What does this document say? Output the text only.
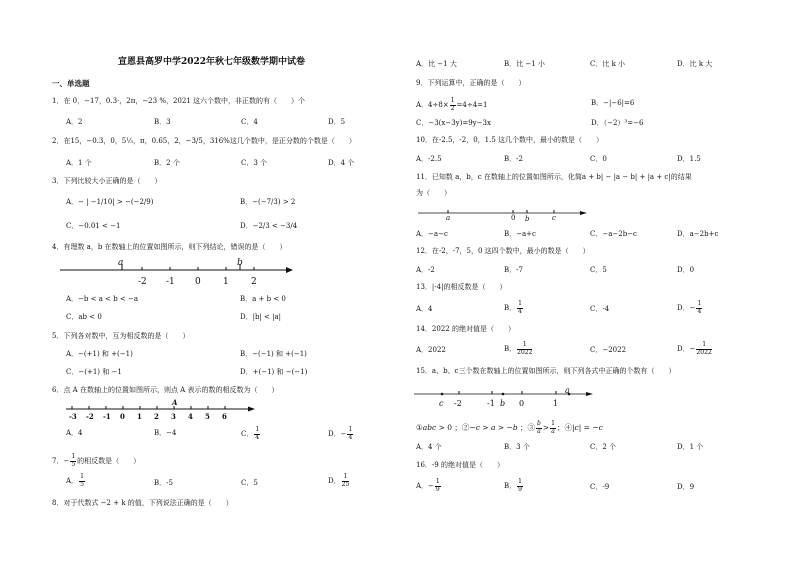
宣恩县高罗中学2022年秋七年级数学期中试卷
一、单选题
1．在 0，−17，0.3·，2π，−23 %，2021 这六个数中，非正数的有（　　）个
A．2	B．3	C．4	D．5
2．在15，−0.3，0，5¹⁄₃，π，0.65，2，−3/5，316%这几个数中，是正分数的个数是（　　）
A．1 个	B．2 个	C．3 个	D．4 个
3．下列比较大小正确的是（　　）
A．− | −1/10| > −(−2/9)	B．−(−7/3) > 2
C．−0.01 < −1	D．−2/3 < −3/4
4．有理数 a，b 在数轴上的位置如图所示，则下列结论，错误的是（　　）
a	b
-2 -1 0 1 2
A．−b < a < b < −a	B．a + b < 0
C．ab < 0	D．|b| < |a|
5．下列各对数中，互为相反数的是（　　）
A．−(+1) 和 +(−1)	B．−(−1) 和 +(−1)
C．−(+1) 和 −1	D．+(−1) 和 −(−1)
6．点 A 在数轴上的位置如图所示，则点 A 表示的数的相反数为（　　）
A
-3 -2 -1 0 1 2 3 4 5 6
A．4	B．−4	C． $\frac{1}{4}$	D．− $\frac{1}{4}$
7．− $\frac{1}{5}$ 的相反数是（　　）
A． $\frac{1}{5}$	B．-5	C．5	D． $\frac{1}{25}$
8．对于代数式 −2 + k 的值，下列说法正确的是（　　）
A．比 −1 大	B．比 −1 小	C．比 k 小	D．比 k 大
9．下列运算中，正确的是（　　）
A．$4\div 8\times \frac{1}{2} =4\div 4=1$	B．−|−6|=6
C．−3(x−3y)=9y−3x	D．（−2）³=−6
10．在-2.5，-2，0，1.5 这几个数中，最小的数是（　　）
A．-2.5	B．-2	C．0	D．1.5
11．已知数 a，b，c 在数轴上的位置如图所示，化简a + b| − |a − b| + |a + c|的结果
为（　　）
a	0 b	c
A．−a−c	B．−a+c	C．−a−2b−c	D．a−2b+c
12．在-2，-7，5，0 这四个数中，最小的数是（　　）
A．-2	B．-7	C．5	D．0
13．|-4|的相反数是（　　）
A．4	B． $\frac{1}{4}$	C．-4	D．− $\frac{1}{4}$
14．2022 的绝对值是（　　）
A．2022	B． $\frac{1}{2022}$	C．−2022	D．− $\frac{1}{2022}$
15．a、b、c三个数在数轴上的位置如图所示，则下列各式中正确的个数有（　　）
c -2	-1 b 0	1
a
①abc > 0 ；②−c > a > −b ；③ $\frac{b}{a} > \frac{1}{a}$ ；④|c| = −c
A．4 个	B．3 个	C．2 个	D．1 个
16．-9 的绝对值是（　　）
A．− $\frac{1}{9}$	B． $\frac{1}{9}$	C．-9	D．9
